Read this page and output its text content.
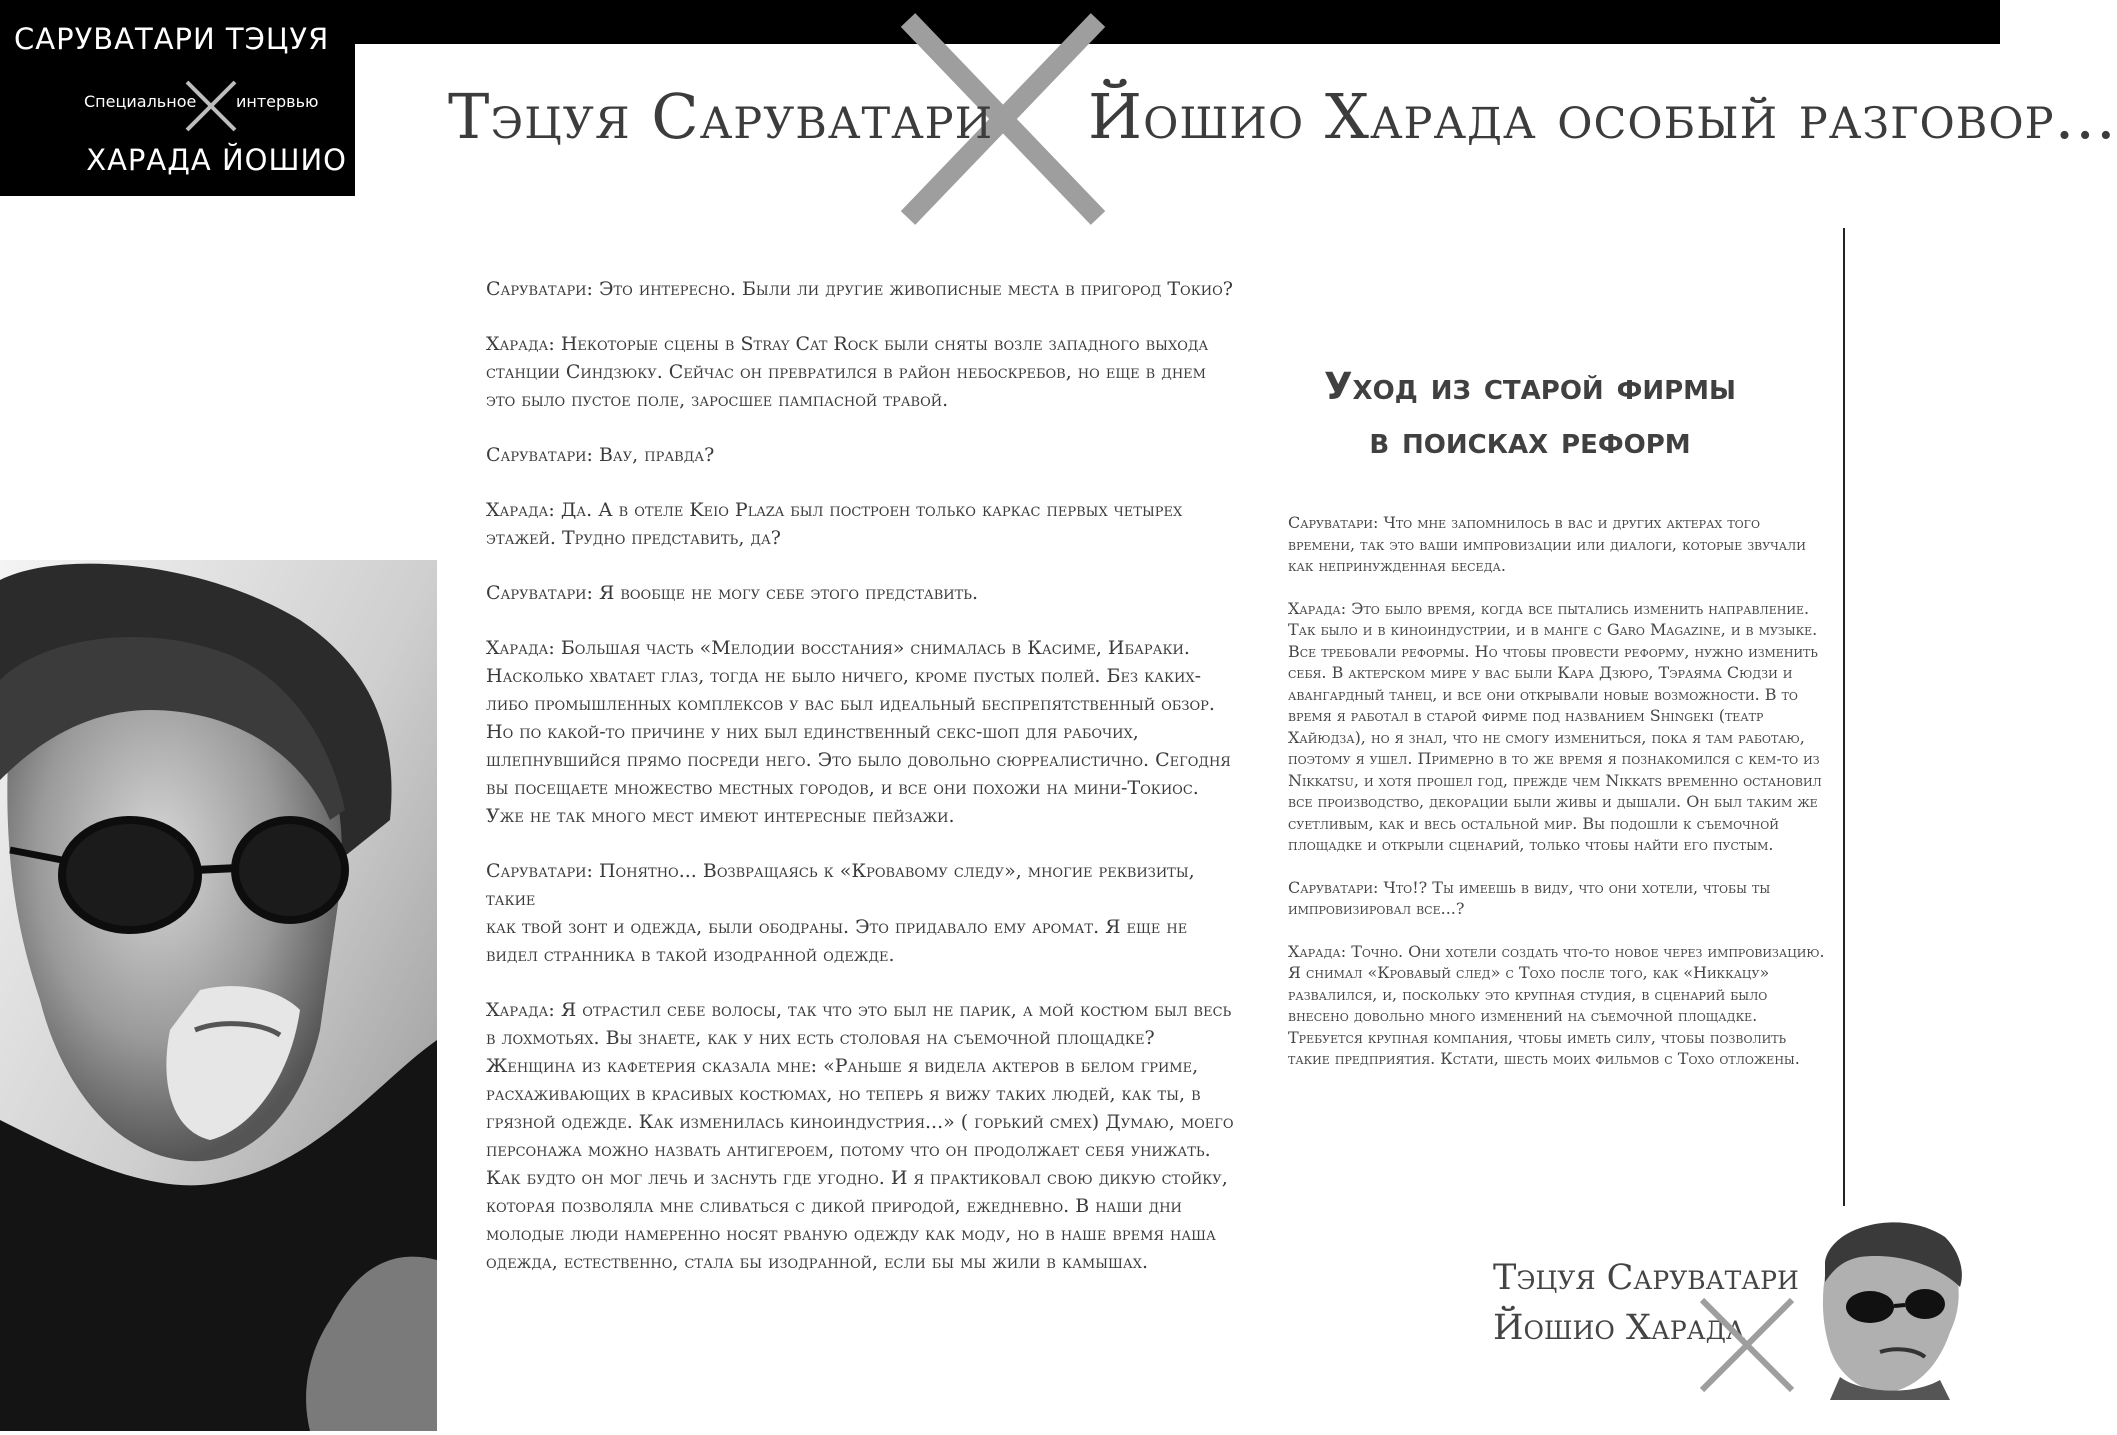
САРУВАТАРИ ТЭЦУЯ
Специальное интервью
ХАРАДА ЙОШИО
Тэцуя Саруватари Йошио Харада особый разговор...

Саруватари: Это интересно. Были ли другие живописные места в пригород Токио?

Харада: Некоторые сцены в Stray Cat Rock были сняты возле западного выхода станции Синдзюку. Сейчас он превратился в район небоскребов, но еще в днем это было пустое поле, заросшее пампасной травой.

Саруватари: Вау, правда?

Харада: Да. А в отеле Keio Plaza был построен только каркас первых четырех этажей. Трудно представить, да?

Саруватари: Я вообще не могу себе этого представить.

Харада: Большая часть «Мелодии восстания» снималась в Касиме, Ибараки. Насколько хватает глаз, тогда не было ничего, кроме пустых полей. Без каких-либо промышленных комплексов у вас был идеальный беспрепятственный обзор. Но по какой-то причине у них был единственный секс-шоп для рабочих, шлепнувшийся прямо посреди него. Это было довольно сюрреалистично. Сегодня вы посещаете множество местных городов, и все они похожи на мини-Токиос. Уже не так много мест имеют интересные пейзажи.

Саруватари: Понятно... Возвращаясь к «Кровавому следу», многие реквизиты, такие

как твой зонт и одежда, были ободраны. Это придавало ему аромат. Я еще не видел странника в такой изодранной одежде.

Харада: Я отрастил себе волосы, так что это был не парик, а мой костюм был весь в лохмотьях. Вы знаете, как у них есть столовая на съемочной площадке? Женщина из кафетерия сказала мне: «Раньше я видела актеров в белом гриме, расхаживающих в красивых костюмах, но теперь я вижу таких людей, как ты, в грязной одежде. Как изменилась киноиндустрия...» ( горький смех) Думаю, моего

персонажа можно назвать антигероем, потому что он продолжает себя унижать. Как будто он мог лечь и заснуть где угодно. И я практиковал свою дикую стойку, которая позволяла мне сливаться с дикой природой, ежедневно. В наши дни молодые люди намеренно носят рваную одежду как моду, но в наше время наша одежда, естественно, стала бы изодранной, если бы мы жили в камышах.

Уход из старой фирмы
в поисках реформ

Саруватари: Что мне запомнилось в вас и других актерах того времени, так это ваши импровизации или диалоги, которые звучали как непринужденная беседа.

Харада: Это было время, когда все пытались изменить направление. Так было и в киноиндустрии, и в манге с Garo Magazine, и в музыке. Все требовали реформы. Но чтобы провести реформу, нужно изменить себя. В актерском мире у вас были Кара Дзюро, Тэраяма Сюдзи и авангардный танец, и все они открывали новые возможности. В то время я работал в старой фирме под названием Shingeki (театр Хайюдза), но я знал, что не смогу измениться, пока я там работаю, поэтому я ушел. Примерно в то же время я познакомился с кем-то из Nikkatsu, и хотя прошел год, прежде чем Nikkats временно остановил все производство, декорации были живы и дышали. Он был таким же суетливым, как и весь остальной мир. Вы подошли к съемочной площадке и открыли сценарий, только чтобы найти его пустым.

Саруватари: Что!? Ты имеешь в виду, что они хотели, чтобы ты импровизировал все...?

Харада: Точно. Они хотели создать что-то новое через импровизацию. Я снимал «Кровавый след» с Тохо после того, как «Никкацу» развалился, и, поскольку это крупная студия, в сценарий было внесено довольно много изменений на съемочной площадке. Требуется крупная компания, чтобы иметь силу, чтобы позволить такие предприятия. Кстати, шесть моих фильмов с Тохо отложены.

Тэцуя Саруватари
Йошио Харада
